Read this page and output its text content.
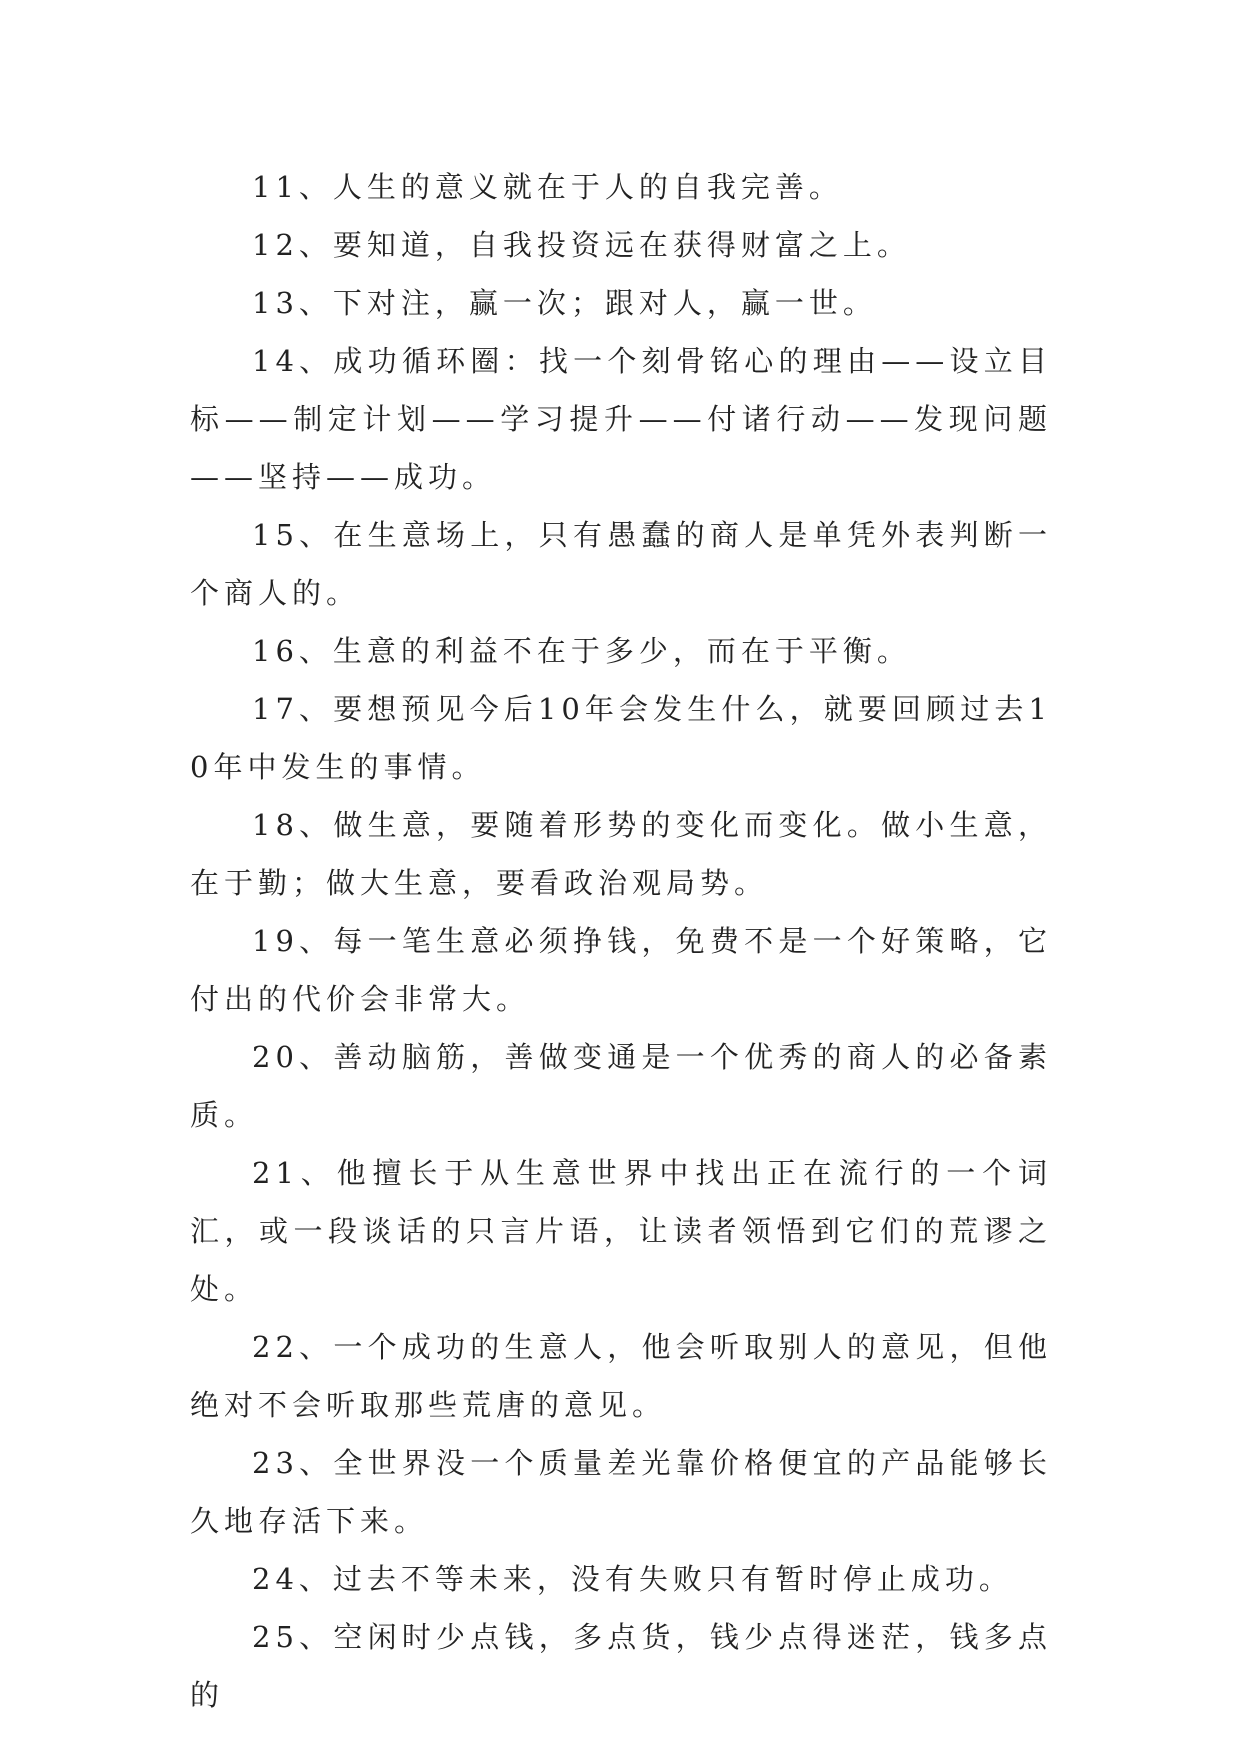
11、人生的意义就在于人的自我完善。

12、要知道，自我投资远在获得财富之上。

13、下对注，赢一次；跟对人，赢一世。

14、成功循环圈：找一个刻骨铭心的理由——设立目标——制定计划——学习提升——付诸行动——发现问题——坚持——成功。

15、在生意场上，只有愚蠢的商人是单凭外表判断一个商人的。

16、生意的利益不在于多少，而在于平衡。

17、要想预见今后10年会发生什么，就要回顾过去10年中发生的事情。

18、做生意，要随着形势的变化而变化。做小生意，在于勤；做大生意，要看政治观局势。

19、每一笔生意必须挣钱，免费不是一个好策略，它付出的代价会非常大。

20、善动脑筋，善做变通是一个优秀的商人的必备素质。

21、他擅长于从生意世界中找出正在流行的一个词汇，或一段谈话的只言片语，让读者领悟到它们的荒谬之处。

22、一个成功的生意人，他会听取别人的意见，但他绝对不会听取那些荒唐的意见。

23、全世界没一个质量差光靠价格便宜的产品能够长久地存活下来。

24、过去不等未来，没有失败只有暂时停止成功。

25、空闲时少点钱，多点货，钱少点得迷茫，钱多点的
